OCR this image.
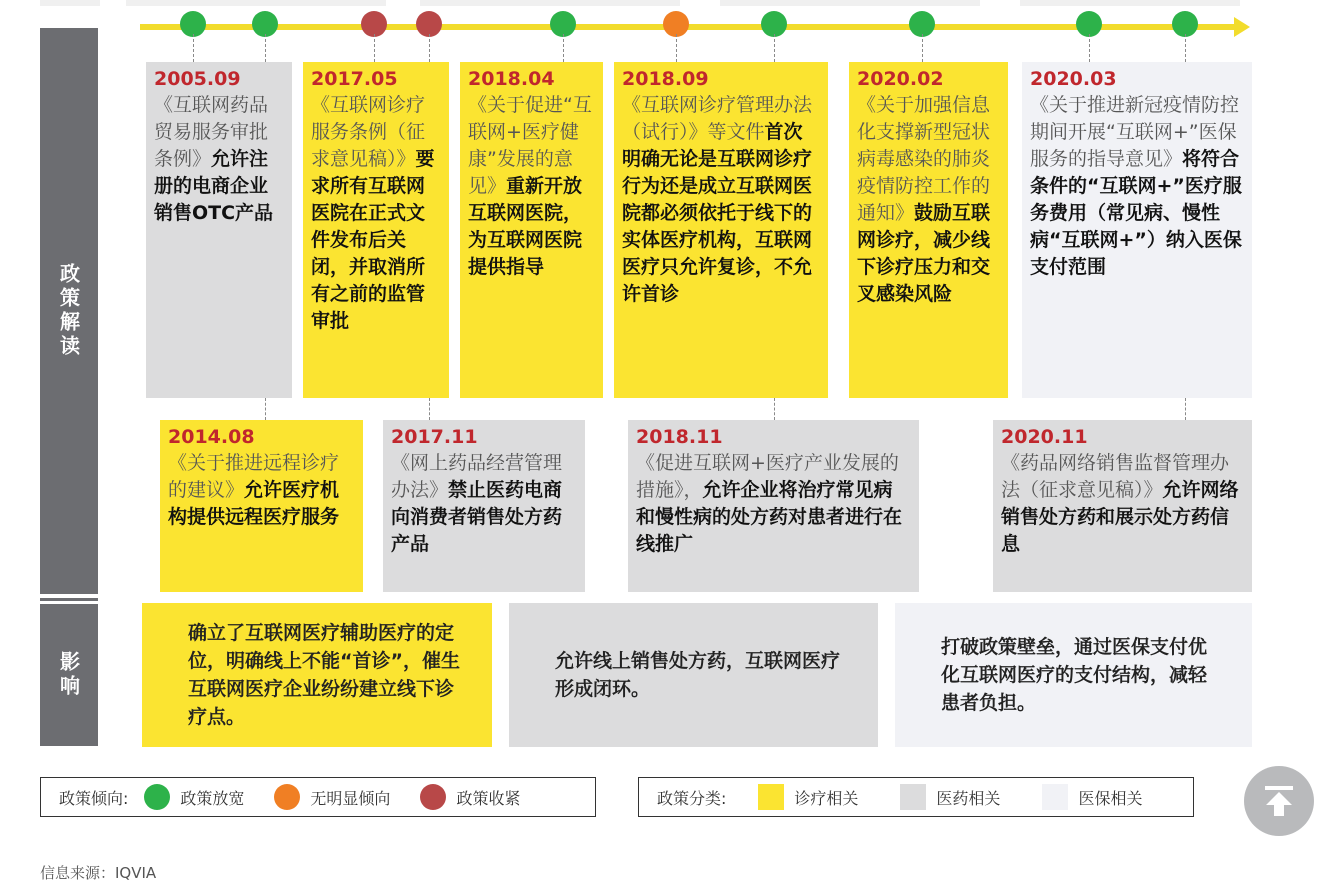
政策解读
影响
2005.09
《互联网药品贸易服务审批条例》允许注册的电商企业销售OTC产品
2017.05
《互联网诊疗服务条例（征求意见稿）》要求所有互联网医院在正式文件发布后关闭，并取消所有之前的监管审批
2018.04
《关于促进“互联网+医疗健康”发展的意见》重新开放互联网医院，为互联网医院提供指导
2018.09
《互联网诊疗管理办法（试行）》等文件首次明确无论是互联网诊疗行为还是成立互联网医院都必须依托于线下的实体医疗机构，互联网医疗只允许复诊，不允许首诊
2020.02
《关于加强信息化支撑新型冠状病毒感染的肺炎疫情防控工作的通知》鼓励互联网诊疗，减少线下诊疗压力和交叉感染风险
2020.03
《关于推进新冠疫情防控期间开展“互联网+”医保服务的指导意见》将符合条件的“互联网+”医疗服务费用（常见病、慢性病“互联网+”）纳入医保支付范围
2014.08
《关于推进远程诊疗的建议》允许医疗机构提供远程医疗服务
2017.11
《网上药品经营管理办法》禁止医药电商向消费者销售处方药产品
2018.11
《促进互联网+医疗产业发展的措施》，允许企业将治疗常见病和慢性病的处方药对患者进行在线推广
2020.11
《药品网络销售监督管理办法（征求意见稿）》允许网络销售处方药和展示处方药信息
确立了互联网医疗辅助医疗的定位，明确线上不能“首诊”，催生互联网医疗企业纷纷建立线下诊疗点。
允许线上销售处方药，互联网医疗形成闭环。
打破政策壁垒，通过医保支付优化互联网医疗的支付结构，减轻患者负担。
政策倾向:	政策放宽	无明显倾向	政策收紧	政策分类:	诊疗相关	医药相关	医保相关
信息来源：IQVIA
